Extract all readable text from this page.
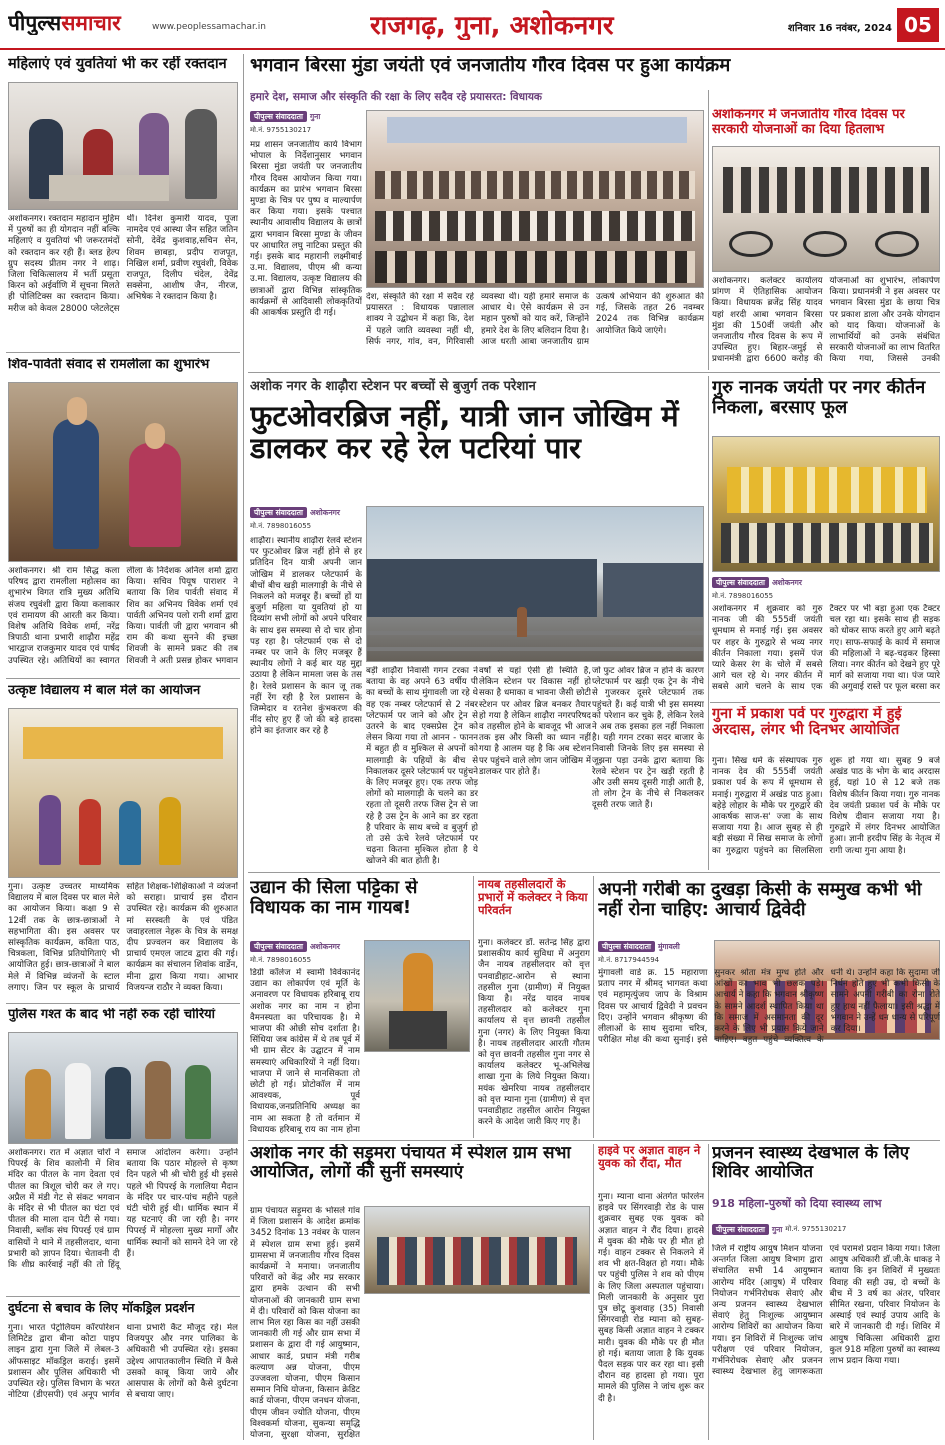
पीपुल्ससमाचार	www.peoplessamachar.in	राजगढ़, गुना, अशोकनगर	शनिवार 16 नवंबर, 2024 05
महिलाएं एवं युवतियां भी कर रहीं रक्तदान
अशोकनगर। रक्तदान महादान मुहिम में पुरुषों का ही योगदान नहीं बल्कि महिलाएं व युवतियां भी जरूरतमंदों को रक्तदान कर रही हैं। ब्लड हेल्प ग्रुप सदस्य प्रीतम नगर ने शाढ़। जिला चिकित्सालय में भर्ती प्रसूता किरन को अईर्वाणि में सूचना मिलते ही पोलिटिक्स का रक्तदान किया। मरीज को केवल 28000 प्लेटलेट्स थीं। दिनेश कुमारी यादव, पूजा नामदेव एवं आस्था जैन सहित जतिन सोनी, देवेंद्र कुशवाह,सचिन सेन, शिवम छाबड़ा, प्रदीप राजपूत, निखिल शर्मा, प्रवीण रघुवंशी, विवेक राजपूत, दिलीप चंदेल, देवेंद्र सक्सेना, आशीष जैन, नीरज, अभिषेक ने रक्तदान किया है।
शिव-पार्वती संवाद से रामलीला का शुभारंभ
अशोकनगर। श्री राम सिद्ध कला परिषद द्वारा रामलीला महोत्सव का शुभारंभ विगत रात्रि मुख्य अतिथि संजय रघुवंशी द्वारा किया कलाकार एवं रामायण की आरती कर किया। विशेष अतिथि विवेक शर्मा, नरेंद्र त्रिपाठी थाना प्रभारी शाढ़ौरा महेंद्र भारद्वाज राजकुमार यादव एवं पार्षद उपस्थित रहे। अतिथियों का स्वागत लीला के निर्देशक अनिल शर्मा द्वारा किया। सचिव पियूष पाराशर ने बताया कि शिव पार्वती संवाद में शिव का अभिनय विवेक शर्मा एवं पार्वती अभिनय पलो रानी शर्मा द्वारा किया। पार्वती जी द्वारा भगवान श्री राम की कथा सुनने की इच्छा शिवजी के सामने प्रकट की तब शिवजी ने अती प्रसन्न होकर भगवान
उत्कृष्ट विद्यालय में बाल मेले का आयोजन
गुना। उत्कृष्ट उच्चतर माध्यमिक विद्यालय में बाल दिवस पर बाल मेले का आयोजन किया। कक्षा 9 से 12वीं तक के छात्र-छात्राओं ने सहभागिता की। इस अवसर पर सांस्कृतिक कार्यक्रम, कविता पाठ, चित्रकला, विभिन्न प्रतियोगिताएं भी आयोजित हुई। छात्र-छात्राओं ने बाल मेले में विभिन्न व्यंजनों के स्टाल लगाए। जिन पर स्कूल के प्राचार्य सहित शिक्षक-शिक्षिकाओं ने व्यंजनों को सराहा। प्राचार्य इस दौरान उपस्थित रहे। कार्यक्रम की शुरुआत मां सरस्वती के एवं पंडित जवाहरलाल नेहरू के चित्र के समक्ष दीप प्रज्वलन कर विद्यालय के प्राचार्य एमएल जाटव द्वारा की गई। कार्यक्रम का संचालन शिवांक वार्डेन, मीना द्वारा किया गया। आभार विजयन्ज राठौर ने व्यक्त किया।
पुलिस गश्त के बाद भी नहीं रुक रहीं चोरियां
अशोकनगर। रात में अज्ञात चोरों ने पिपरई के शिव कालोनी में शिव मंदिर का पीतल के नाग देवता एवं पीतल का त्रिशूल चोरी कर ले गए। अप्रैल में मंडी गेट से संकट भगवान के मंदिर से भी पीतल का घंटा एवं पीतल की माला दान पेटी से गया। निवासी, ब्लॉक संघ पिपरई एवं ग्राम वासियों ने थाने में तहसीलदार, थाना प्रभारी को ज्ञापन दिया। चेतावनी दी कि शीघ्र कार्रवाई नहीं की तो हिंदू समाज आंदोलन करेगा। उन्होंने बताया कि पठार मोहल्ले से कृष्ण दिन पहले भी श्री चोरी हुई थी इससे पहले भी पिपरई के गलालिया मैदान के मंदिर पर चार-पांच महीने पहले घंटी चोरी हुई थी। धार्मिक स्थान में यह घटनाएं की जा रही है। नगर पिपरई में मोहल्ला मुख्य मार्गों और धार्मिक स्थानों को सामने देने जा रहे हैं।
दुर्घटना से बचाव के लिए मॉकड्रिल प्रदर्शन
गुना। भारत पेट्रोलियम कॉरपोरेशन लिमिटेड द्वारा बीना कोटा पाइप लाइन द्वारा गुना जिले में लेबल-3 ऑफसाइट मॉकड्रिल कराई। इसमें प्रशासन और पुलिस अधिकारी भी उपस्थित रहे। पुलिस विभाग के भरत नोटिया (डीएसपी) एवं अनूप भार्गव थाना प्रभारी कैंट मौजूद रहे। मेल विजयपुर और नगर पालिका के अधिकारी भी उपस्थित रहे। इसका उद्देश्य आपातकालीन स्थिति में कैसे उसको काबू किया जाये और आसपास के लोगों को कैसे दुर्घटना से बचाया जाए।
भगवान बिरसा मुंडा जयंती एवं जनजातीय गौरव दिवस पर हुआ कार्यक्रम
हमारे देश, समाज और संस्कृति की रक्षा के लिए सदैव रहे प्रयासरत: विधायक
पीपुल्स संवाददाता गुना
मो.नं. 9755130217
मप्र शासन जनजातीय कार्य विभाग भोपाल के निर्देशानुसार भगवान बिरसा मुंडा जयंती पर जनजातीय गौरव दिवस आयोजन किया गया। कार्यक्रम का प्रारंभ भगवान बिरसा मुण्डा के चित्र पर पुष्प व माल्यार्पण कर किया गया। इसके पश्चात स्थानीय आवासीय विद्यालय के छात्रों द्वारा भगवान बिरसा मुण्डा के जीवन पर आधारित लघु नाटिका प्रस्तुत की गई। इसके बाद महारानी लक्ष्मीबाई उ.मा. विद्यालय, पीएम श्री कन्या उ.मा. विद्यालय, उत्कृष्ट विद्यालय की छात्राओं द्वारा विभिन्न सांस्कृतिक कार्यक्रमों से आदिवासी लोककृतियों की आकर्षक प्रस्तुति दी गई।
देश, संस्कृति की रक्षा में सदैव रहे प्रयासरत : विधायक पन्नालाल शाक्य ने उद्बोधन में कहा कि, देश में पहले जाति व्यवस्था नहीं थी, सिर्फ नगर, गांव, वन, गिरिवासी व्यवस्था थी। यही हमारे समाज के आधार थे। ऐसे कार्यक्रम से उन महान पुरुषों को याद करें, जिन्होंने हमारे देश के लिए बलिदान दिया है। आज धरती आबा जनजातीय ग्राम उत्कर्ष अभियान की शुरुआत की गई, जिसके तहत 26 नवम्बर 2024 तक विभिन्न कार्यक्रम आयोजित किये जाएंगे।
अशोकनगर में जनजातीय गौरव दिवस पर सरकारी योजनाओं का दिया हितलाभ
अशोकनगर। कलेक्टर कार्यालय प्रांगण में ऐतिहासिक आयोजन किया। विधायक ब्रजेंद्र सिंह यादव यहां शरदी आबा भगवान बिरसा मुंडा की 150वीं जयंती और जनजातीय गौरव दिवस के रूप में उपस्थित हुए। बिहार-जमुई से प्रधानमंत्री द्वारा 6600 करोड़ की योजनाओं का शुभारंभ, लोकार्पण किया। प्रधानमंत्री ने इस अवसर पर भगवान बिरसा मुंडा के छाया चित्र पर प्रकाश डाला और उनके योगदान को याद किया। योजनाओं के लाभार्थियों को उनके संबंधित सरकारी योजनाओं का लाभ वितरित किया गया, जिससे उनकी
अशोक नगर के शाढ़ौरा स्टेशन पर बच्चों से बुजुर्ग तक परेशान
फुटओवरब्रिज नहीं, यात्री जान जोखिम में डालकर कर रहे रेल पटरियां पार
पीपुल्स संवाददाता अशोकनगर
मो.नं. 7898016055
शाढ़ौरा। स्थानीय शाढ़ौरा रेलवे स्टेशन पर फुटओवर ब्रिज नहीं होने से हर प्रतिदिन दिन यात्री अपनी जान जोखिम में डालकर प्लेटफार्म के बीचों बीच खड़ी मालगाड़ी के नीचे से निकलने को मजबूर हैं। बच्चों हों या बुजुर्ग महिला या युवतियां हो या दिव्यांग सभी लोगों को अपने परिवार के साथ इस समस्या से दो चार होना पड़ रहा है। प्लेटफार्म एक से दो नम्बर पर जाने के लिए मजबूर हैं स्थानीय लोगों ने कई बार यह मुद्दा उठाया है लेकिन मामला जस के तस है। रेलवे प्रशासन के कान जू तक नहीं रेंग रही है रेल प्रशासन के जिम्मेदार व रतनेश कुंभकरण की नींद सोए हुए हैं जो की बड़े हादसा होने का इंतजार कर रहे है
बड़ी शाढ़ौरा निवासी गगन टरका ने बताया के वह अपने 63 वर्षीय पी का बच्चों के साथ मुंगावली जा रहे थे वह एक नम्बर प्लेटफार्म से 2 नंबर प्लेटफार्म पर जाने को और ट्रेन से उतरने के बाद एक्सप्रेस ट्रेन को लेसन किया गया तो आनन - फानन में बहुत ही व मुश्किल से अपनों को मालगाड़ी के पहियों के बीच से निकालकर दूसरे प्लेटफार्म पर पहुंचने के लिए मजबूर हुए। एक तरफ जोड़ लोगों को मालगाड़ी के चलने का डर रहता तो दूसरी तरफ जिस ट्रेन से जा रहे है उस ट्रेन के आने का डर रहता है परिवार के साथ बच्चे व बुजुर्ग हो तो उसे ऊंचे रेलवे प्लेटफार्म पर चढ़ना कितना मुश्किल होता है ये खोजने की बात होती है।
वर्षों से यहां ऐसी ही स्थिति है, लेकिन स्टेशन पर विकास नहीं हो सका है धमाका व भावना जैसी छोटी स्टेशन पर ओवर ब्रिज बनकर तैयार हो गया है लेकिन शाढ़ौरा नगरपरिषद व तहसील होने के बावजूद भी आज तक इस और किसी का ध्यान नहीं गया है आलम यह है कि अब स्टेशन पर पहुंचने वाले लोग जान जोखिम में डालकर पार होते हैं।
जो फुट ओवर ब्रिज न होने के कारण प्लेटफार्म पर खड़ी एक ट्रेन के नीचे से गुजरकर दूसरे प्लेटफार्म तक पहुंचते हैं। कई यात्री भी इस समस्या को परेशान कर चुके हैं, लेकिन रेलवे ने अब तक इसका हल नहीं निकाला है। यही गगन टरका सदर बाजार के निवासी जिनके लिए इस समस्या से जूझना पड़ा उनके द्वारा बताया कि रेलवे स्टेशन पर ट्रेन खड़ी रहती है और उसी समय दूसरी गाड़ी आती है, तो लोग ट्रेन के नीचे से निकलकर दूसरी तरफ जाते हैं।
गुरु नानक जयंती पर नगर कीर्तन निकला, बरसाए फूल
पीपुल्स संवाददाता अशोकनगर
मो.नं. 7898016055
अशोकनगर में शुक्रवार को गुरु नानक जी की 555वीं जयंती धूमधाम से मनाई गई। इस अवसर पर शहर के गुरुद्वारे से भव्य नगर कीर्तन निकाला गया। इसमें पंज प्यारे केसर रंग के चोले में सबसे आगे चल रहे थे। नगर कीर्तन में सबसे आगे चलने के साथ एक टैक्टर पर भी बड़ा हुआ एक टैक्टर चल रहा था। इसके साथ ही सड़क को धोकर साफ करते हुए आगे बढ़ते गए। साफ-सफाई के कार्य में समाज की महिलाओं ने बढ़-चढ़कर हिस्सा लिया। नगर कीर्तन को देखने हुए पूरे मार्ग को सजाया गया था। पंज प्यारे की अगुवाई रास्ते पर फूल बरसा कर
गुना में प्रकाश पर्व पर गुरुद्वारा में हुई अरदास, लंगर भी दिनभर आयोजित
गुना। सिख धर्म के संस्थापक गुरु नानक देव की 555वीं जयंती प्रकाश पर्व के रूप में धूमधाम से मनाई। गुरुद्वारा में अखंड पाठ हुआ। बहेड़े लोहार के मौके पर गुरुद्वारे की आकर्षक साज-स' ज्जा के साथ सजाया गया है। आज सुबह से ही बड़ी संख्या में सिख समाज के लोगों का गुरुद्वारा पहुंचने का सिलसिला शुरू हो गया था। सुबह 9 बजे अखंड पाठ के भोग के बाद अरदास हुई, यहां 10 से 12 बजे तक विशेष कीर्तन किया गया। गुरु नानक देव जयंती प्रकाश पर्व के मौके पर विशेष दीवान सजाया गया है। गुरुद्वारे में लंगर दिनभर आयोजित हुआ। ज्ञानी हरदीप सिंह के नेतृत्व में रागी जत्था गुना आया है।
उद्यान की सिला पट्टिका से विधायक का नाम गायब!
पीपुल्स संवाददाता अशोकनगर
मो.नं. 7898016055
डिग्री कॉलेज में स्वामी विवेकानंद उद्यान का लोकार्पण एवं मूर्ति के अनावरण पर विधायक हरिबाबू राय अशोक नगर का नाम न होना वैमनस्यता का परिचायक है। मे भाजपा की ओछी सोच दर्शाता है। सिंधिया जब कांग्रेस में थे तब पूर्व में भी ग्राम सेंटर के उद्घाटन में नाम समस्याएं अधिकारियों ने नहीं दिया। भाजपा में जाने से मानसिकता तो छोटी हो गई। प्रोटोकॉल में नाम आवश्यक, पूर्व विधायक,जनप्रतिनिधि अध्यक्ष का नाम आ सकता है तो वर्तमान में विधायक हरिबाबू राय का नाम होना
नायब तहसीलदारों के प्रभारों में कलेक्टर ने किया परिवर्तन
गुना। कलेक्टर डॉ. सतेन्द्र सिंह द्वारा प्रशासकीय कार्य सुविधा में अनुराग जैन नायब तहसीलदार को वृत्त पनवाडीहाट-आरोन से स्थाना तहसील गुना (ग्रामीण) में नियुक्त किया है। नरेंद्र यादव नायब तहसीलदार को कलेक्टर गुना कार्यालय से वृत्त छावनी तहसील गुना (नगर) के लिए नियुक्त किया है। नायब तहसीलदार आरती गौतम को वृत्त छावनी तहसील गुना नगर से कार्यालय कलेक्टर भू-अभिलेख शाखा गुना के लिये नियुक्त किया। मयंक खेमरिया नायब तहसीलदार को वृत्त म्याना गुना (ग्रामीण) से वृत्त पनवाडीहाट तहसील आरोन नियुक्त करने के आदेश जारी किए गए हैं।
अपनी गरीबी का दुखड़ा किसी के सम्मुख कभी भी नहीं रोना चाहिए: आचार्य द्विवेदी
पीपुल्स संवाददाता मुंगावली
मो.नं. 8717944594
मुंगावली वार्ड क्र. 15 महाराणा प्रताप नगर में श्रीमद् भागवत कथा एवं महामृत्युंजय जाप के विश्राम दिवस पर आचार्य द्विवेदी ने प्रवचन दिए। उन्होंने भगवान श्रीकृष्ण की लीलाओं के साथ सुदामा चरित्र, परीक्षित मोक्ष की कथा सुनाई। इसे सुनकर श्रोता मंत्र मुग्ध होते और आंखों का भाव भी छलक पड़े। आचार्य ने कहा कि भगवान श्रीकृष्ण के सामने आदर्श स्थापित किया था कि समाज में असमानता की दूर करने के लिए भी प्रयास किये जाने चाहिए। बहुत पहुंचे व्यक्तित्व के धनी थे। उन्होंने कहा कि सुदामा जी निर्धन होते हुए भी कभी किसी के सामने अपनी गरीबी का रोना रोते हुए हाथ नहीं फैलाया। इसी श्रद्धा में भगवान ने उन्हें धन धान्य से परिपूर्ण कर दिया।
अशोक नगर की सड़ूमरा पंचायत में स्पेशल ग्राम सभा आयोजित, लोगों की सुनीं समस्याएं
ग्राम पंचायत सड़ूमरा के भोसले गांव में जिला प्रशासन के आदेश क्रमांक 3452 दिनांक 13 नवंबर के पालन में स्पेशल ग्राम सभा हुई। इसमें ग्रामसभा में जनजातीय गौरव दिवस कार्यक्रमों ने मनाया। जनजातीय परिवारों को केंद्र और मप्र सरकार द्वारा हमके उत्थान की सभी योजनाओं की जानकारी ग्राम सभा में दी। परिवारों को किस योजना का लाभ मिल रहा किस का नहीं उसकी जानकारी ली गई और ग्राम सभा में प्रशासन के द्वारा दी गई आयुष्मान, आधार कार्ड, प्रधान मंत्री गरीब कल्याण अन्न योजना, पीएम उज्जवला योजना, पीएम किसान सम्मान निधि योजना, किसान क्रेडिट कार्ड योजना, पीएम जनधन योजना, पीएम जीवन ज्योति योजना, पीएम विश्वकर्मा योजना, सुकन्या समृद्धि योजना, सुरक्षा योजना, सुरक्षित
हाइवे पर अज्ञात वाहन ने युवक को रौंदा, मौत
गुना। म्याना थाना अंतर्गत फोरलेन हाइवे पर सिंगरवाड़ी रोड के पास शुक्रवार सुबह एक युवक को अज्ञात वाहन ने रौंद दिया। हादसे में युवक की मौके पर ही मौत हो गई। वाहन टक्कर से निकलने में शव भी क्षत-विक्षत हो गया। मौके पर पहुंची पुलिस ने शव को पीएम के लिए जिला अस्पताल पहुंचाया। मिली जानकारी के अनुसार पुरा पुत्र छोटू कुशवाह (35) निवासी सिंगरवाड़ी रोड म्याना को सुबह-सुबह किसी अज्ञात वाहन ने टक्कर मारी। युवक की मौके पर ही मौत हो गई। बताया जाता है कि युवक पैदल सड़क पार कर रहा था। इसी दौरान वह हादसा हो गया। पूरा मामले की पुलिस ने जांच शुरू कर दी है।
प्रजनन स्वास्थ्य देखभाल के लिए शिविर आयोजित
918 महिला-पुरुषों को दिया स्वास्थ्य लाभ
पीपुल्स संवाददाता गुना मो.नं. 9755130217
जिले में राष्ट्रीय आयुष मिशन योजना अन्तर्गत जिला आयुष विभाग द्वारा संचालित सभी 14 आयुष्मान आरोग्य मंदिर (आयुष) में परिवार नियोजन गर्भनिरोधक सेवाएं और अन्य प्रजनन स्वास्थ्य देखभाल सेवाएं हेतु निःशुल्क आयुष्मान आरोग्य शिविरों का आयोजन किया गया। इन शिविरों में निःशुल्क जांच परीक्षण एवं परिवार नियोजन, गर्भनिरोधक सेवाएं और प्रजनन स्वास्थ्य देखभाल हेतु जागरूकता एवं परामर्श प्रदान किया गया। जिला आयुष अधिकारी डॉ.जी.के धाकड़ ने बताया कि इन शिविरों में मुख्यतः विवाह की सही उम्र, दो बच्चों के बीच में 3 वर्ष का अंतर, परिवार सीमित रखना, परिवार नियोजन के अस्थाई एवं स्थाई उपाय आदि के बारे में जानकारी दी गई। शिविर में आयुष चिकित्सा अधिकारी द्वारा कुल 918 महिला पुरुषों का स्वास्थ्य लाभ प्रदान किया गया।
